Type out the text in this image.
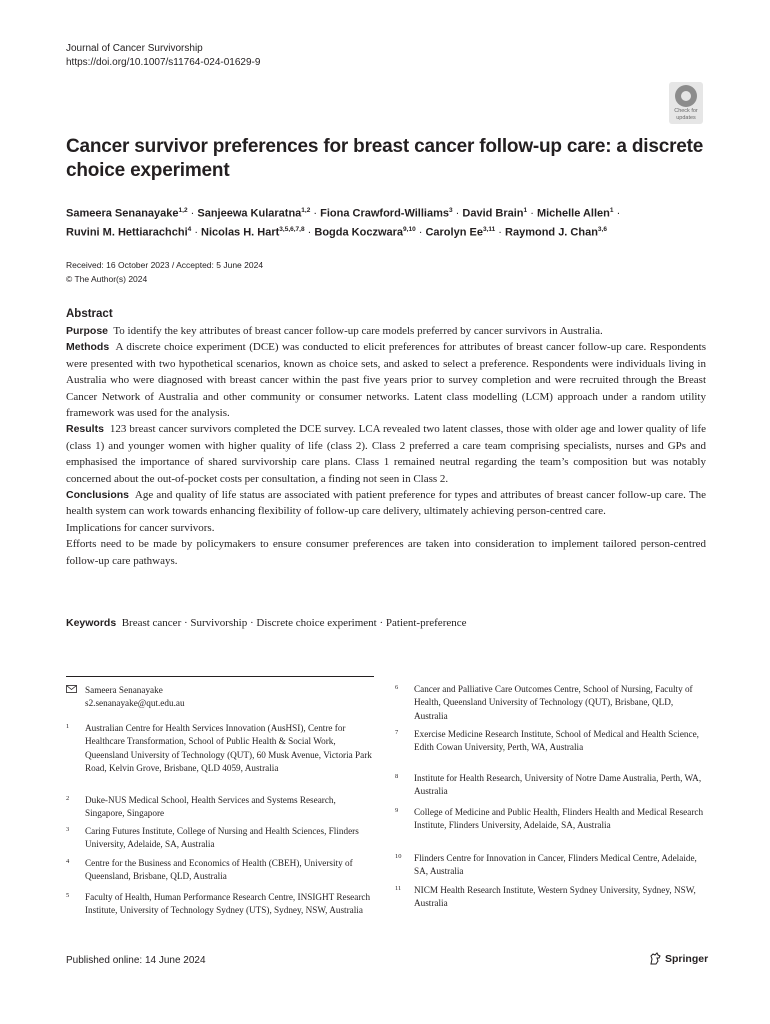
Journal of Cancer Survivorship
https://doi.org/10.1007/s11764-024-01629-9
Check for
updates
Cancer survivor preferences for breast cancer follow-up care: a discrete choice experiment
Sameera Senanayake$^{1,2}$ · Sanjeewa Kularatna$^{1,2}$ · Fiona Crawford-Williams$^3$ · David Brain$^1$ · Michelle Allen$^1$ ·
Ruvini M. Hettiarachchi$^4$ · Nicolas H. Hart$^{3,5,6,7,8}$ · Bogda Koczwara$^{9,10}$ · Carolyn Ee$^{3,11}$ · Raymond J. Chan$^{3,6}$
Received: 16 October 2023 / Accepted: 5 June 2024
© The Author(s) 2024
Abstract

Purpose To identify the key attributes of breast cancer follow-up care models preferred by cancer survivors in Australia.

Methods A discrete choice experiment (DCE) was conducted to elicit preferences for attributes of breast cancer follow-up care. Respondents were presented with two hypothetical scenarios, known as choice sets, and asked to select a preference. Respondents were individuals living in Australia who were diagnosed with breast cancer within the past five years prior to survey completion and were recruited through the Breast Cancer Network of Australia and other community or consumer networks. Latent class modelling (LCM) approach under a random utility framework was used for the analysis.

Results 123 breast cancer survivors completed the DCE survey. LCA revealed two latent classes, those with older age and lower quality of life (class 1) and younger women with higher quality of life (class 2). Class 2 preferred a care team comprising specialists, nurses and GPs and emphasised the importance of shared survivorship care plans. Class 1 remained neutral regarding the team’s composition but was notably concerned about the out-of-pocket costs per consultation, a finding not seen in Class 2.

Conclusions Age and quality of life status are associated with patient preference for types and attributes of breast cancer follow-up care. The health system can work towards enhancing flexibility of follow-up care delivery, ultimately achieving person-centred care.

Implications for cancer survivors.

Efforts need to be made by policymakers to ensure consumer preferences are taken into consideration to implement tailored person-centred follow-up care pathways.

Keywords Breast cancer · Survivorship · Discrete choice experiment · Patient-preference
Sameera Senanayake
s2.senanayake@qut.edu.au
1 Australian Centre for Health Services Innovation (AusHSI), Centre for Healthcare Transformation, School of Public Health & Social Work, Queensland University of Technology (QUT), 60 Musk Avenue, Victoria Park Road, Kelvin Grove, Brisbane, QLD 4059, Australia
2 Duke-NUS Medical School, Health Services and Systems Research, Singapore, Singapore
3 Caring Futures Institute, College of Nursing and Health Sciences, Flinders University, Adelaide, SA, Australia
4 Centre for the Business and Economics of Health (CBEH), University of Queensland, Brisbane, QLD, Australia
5 Faculty of Health, Human Performance Research Centre, INSIGHT Research Institute, University of Technology Sydney (UTS), Sydney, NSW, Australia
6 Cancer and Palliative Care Outcomes Centre, School of Nursing, Faculty of Health, Queensland University of Technology (QUT), Brisbane, QLD, Australia
7 Exercise Medicine Research Institute, School of Medical and Health Science, Edith Cowan University, Perth, WA, Australia
8 Institute for Health Research, University of Notre Dame Australia, Perth, WA, Australia
9 College of Medicine and Public Health, Flinders Health and Medical Research Institute, Flinders University, Adelaide, SA, Australia
10 Flinders Centre for Innovation in Cancer, Flinders Medical Centre, Adelaide, SA, Australia
11 NICM Health Research Institute, Western Sydney University, Sydney, NSW, Australia
Published online: 14 June 2024	Springer
